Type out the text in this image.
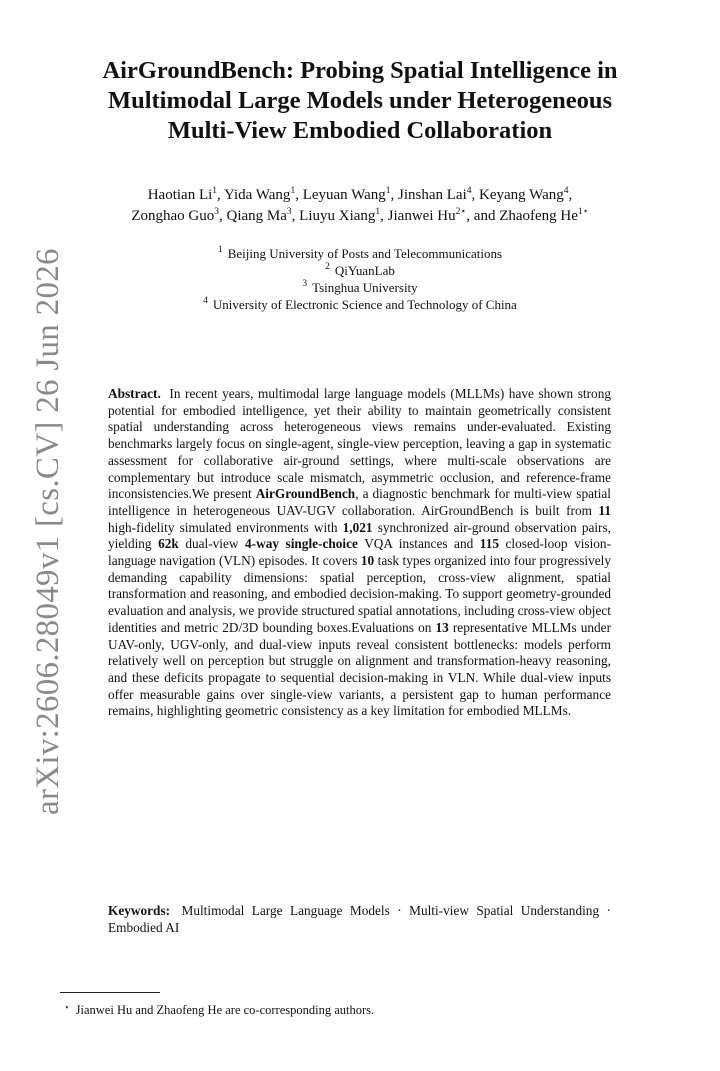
arXiv:2606.28049v1 [cs.CV] 26 Jun 2026
AirGroundBench: Probing Spatial Intelligence in
Multimodal Large Models under Heterogeneous
Multi-View Embodied Collaboration
Haotian Li$^1$, Yida Wang$^1$, Leyuan Wang$^1$, Jinshan Lai$^4$, Keyang Wang$^4$,
Zonghao Guo$^3$, Qiang Ma$^3$, Liuyu Xiang$^1$, Jianwei $Hu^{2⋆}$, and Zhaofeng $He^{1⋆}$
$^1$ Beijing University of Posts and Telecommunications
$^2$ QiYuanLab
$^3$ Tsinghua University
$^4$ University of Electronic Science and Technology of China
Abstract. In recent years, multimodal large language models (MLLMs) have shown strong potential for embodied intelligence, yet their ability to maintain geometrically consistent spatial understanding across heterogeneous views remains under-evaluated. Existing benchmarks largely focus on single-agent, single-view perception, leaving a gap in systematic assessment for collaborative air-ground settings, where multi-scale observations are complementary but introduce scale mismatch, asymmetric occlusion, and reference-frame inconsistencies.We present AirGroundBench, a diagnostic benchmark for multi-view spatial intelligence in heterogeneous UAV-UGV collaboration. AirGroundBench is built from 11 high-fidelity simulated environments with 1,021 synchronized air-ground observation pairs, yielding 62k dual-view 4-way single-choice VQA instances and 115 closed-loop vision-language navigation (VLN) episodes. It covers 10 task types organized into four progressively demanding capability dimensions: spatial perception, cross-view alignment, spatial transformation and reasoning, and embodied decision-making. To support geometry-grounded evaluation and analysis, we provide structured spatial annotations, including cross-view object identities and metric 2D/3D bounding boxes.Evaluations on 13 representative MLLMs under UAV-only, UGV-only, and dual-view inputs reveal consistent bottlenecks: models perform relatively well on perception but struggle on alignment and transformation-heavy reasoning, and these deficits propagate to sequential decision-making in VLN. While dual-view inputs offer measurable gains over single-view variants, a persistent gap to human performance remains, highlighting geometric consistency as a key limitation for embodied MLLMs.
Keywords: Multimodal Large Language Models · Multi-view Spatial Understanding · Embodied AI
⋆ Jianwei Hu and Zhaofeng He are co-corresponding authors.
